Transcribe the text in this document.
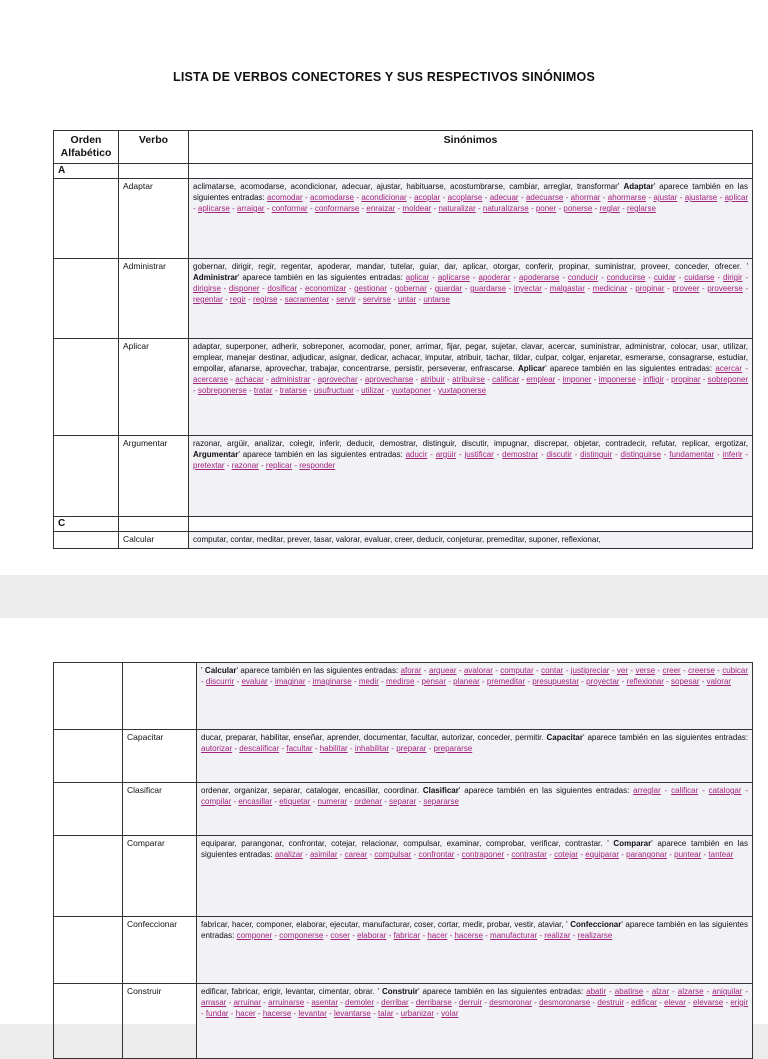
LISTA DE VERBOS CONECTORES Y SUS RESPECTIVOS SINÓNIMOS
Orden Alfabético	Verbo	Sinónimos
A		
	Adaptar	aclimatarse, acomodarse, acondicionar, adecuar, ajustar, habituarse, acostumbrarse, cambiar, arreglar, transformar' Adaptar' aparece también en las siguientes entradas: acomodar - acomodarse - acondicionar - acoplar - acoplarse - adecuar - adecuarse - ahormar - ahormarse - ajustar - ajustarse - aplicar - aplicarse - arraigar - conformar - conformarse - enraizar - moldear - naturalizar - naturalizarse - poner - ponerse - reglar - reglarse
	Administrar	gobernar, dirigir, regir, regentar, apoderar, mandar, tutelar, guiar, dar, aplicar, otorgar, conferir, propinar, suministrar, proveer, conceder, ofrecer. ' Administrar' aparece también en las siguientes entradas: aplicar - aplicarse - apoderar - apoderarse - conducir - conducirse - cuidar - cuidarse - dirigir - dirigirse - disponer - dosificar - economizar - gestionar - gobernar - guardar - guardarse - inyectar - malgastar - medicinar - propinar - proveer - proveerse - regentar - regir - regirse - sacramentar - servir - servirse - untar - untarse
	Aplicar	adaptar, superponer, adherir, sobreponer, acomodar, poner, arrimar, fijar, pegar, sujetar, clavar, acercar, suministrar, administrar, colocar, usar, utilizar, emplear, manejar destinar, adjudicar, asignar, dedicar, achacar, imputar, atribuir, tachar, tildar, culpar, colgar, enjaretar, esmerarse, consagrarse, estudiar, empollar, afanarse, aprovechar, trabajar, concentrarse, persistir, perseverar, enfrascarse. Aplicar' aparece también en las siguientes entradas: acercar - acercarse - achacar - administrar - aprovechar - aprovecharse - atribuir - atribuirse - calificar - emplear - imponer - imponerse - infligir - propinar - sobreponer - sobreponerse - tratar - tratarse - usufructuar - utilizar - yuxtaponer - yuxtaponerse
	Argumentar	razonar, argüir, analizar, colegir, inferir, deducir, demostrar, distinguir, discutir, impugnar, discrepar, objetar, contradecir, refutar, replicar, ergotizar, Argumentar' aparece también en las siguientes entradas: aducir - argüir - justificar - demostrar - discutir - distinguir - distinguirse - fundamentar - inferir - pretextar - razonar - replicar - responder
C		
	Calcular	computar, contar, meditar, prever, tasar, valorar, evaluar, creer, deducir, conjeturar, premeditar, suponer, reflexionar,
		' Calcular' aparece también en las siguientes entradas: aforar - arquear - avalorar - computar - contar - justipreciar - ver - verse - creer - creerse - cubicar - discurrir - evaluar - imaginar - imaginarse - medir - medirse - pensar - planear - premeditar - presupuestar - proyectar - reflexionar - sopesar - valorar
	Capacitar	ducar, preparar, habilitar, enseñar, aprender, documentar, facultar, autorizar, conceder, permitir. Capacitar' aparece también en las siguientes entradas: autorizar - descalificar - facultar - habilitar - inhabilitar - preparar - prepararse
	Clasificar	ordenar, organizar, separar, catalogar, encasillar, coordinar. Clasificar' aparece también en las siguientes entradas: arreglar - calificar - catalogar - compilar - encasillar - etiquetar - numerar - ordenar - separar - separarse
	Comparar	equiparar, parangonar, confrontar, cotejar, relacionar, compulsar, examinar, comprobar, verificar, contrastar. ' Comparar' aparece también en las siguientes entradas: analizar - asimilar - carear - compulsar - confrontar - contraponer - contrastar - cotejar - equiparar - parangonar - puntear - tantear
	Confeccionar	fabricar, hacer, componer, elaborar, ejecutar, manufacturar, coser, cortar, medir, probar, vestir, ataviar, ' Confeccionar' aparece también en las siguientes entradas: componer - componerse - coser - elaborar - fabricar - hacer - hacerse - manufacturar - realizar - realizarse
	Construir	edificar, fabricar, erigir, levantar, cimentar, obrar. ' Construir' aparece también en las siguientes entradas: abatir - abatirse - alzar - alzarse - aniquilar - arrasar - arruinar - arruinarse - asentar - demoler - derribar - derribarse - derruir - desmoronar - desmoronarse - destruir - edificar - elevar - elevarse - erigir - fundar - hacer - hacerse - levantar - levantarse - talar - urbanizar - volar
